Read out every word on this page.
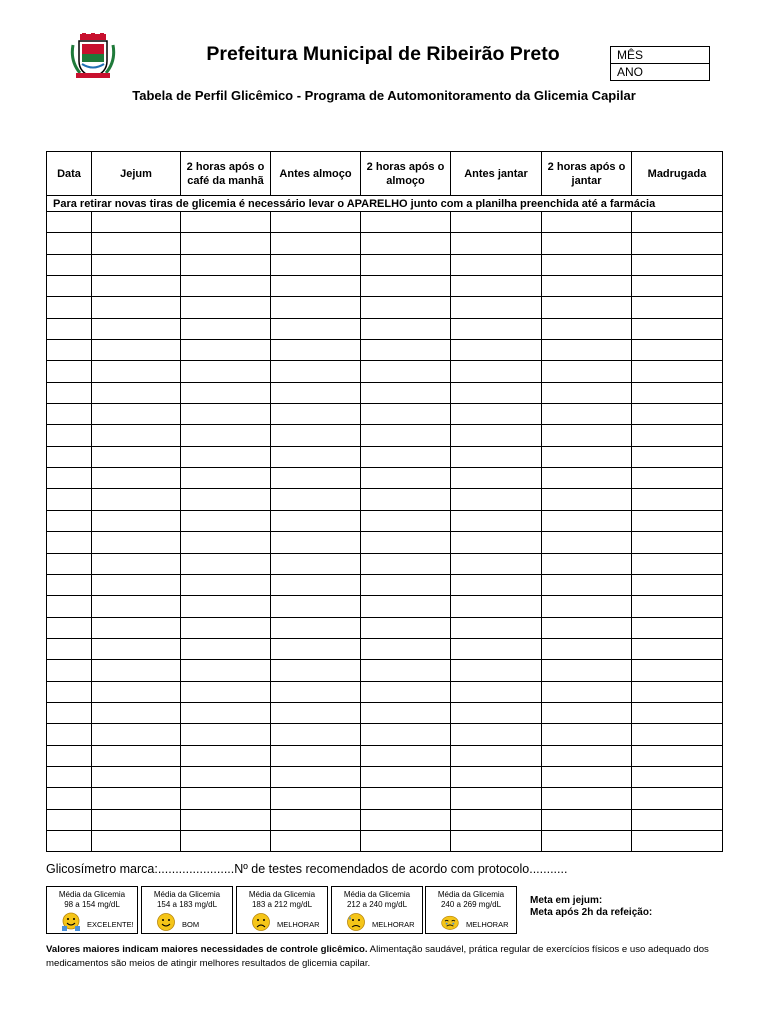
Prefeitura Municipal de Ribeirão Preto	MÊS
ANO
Tabela de Perfil Glicêmico - Programa de Automonitoramento da Glicemia Capilar
Para retirar novas tiras de glicemia é necessário levar o APARELHO junto com a planilha preenchida até a farmácia							
Data	Jejum	2 horas após o café da manhã	Antes almoço	2 horas após o almoço	Antes jantar	2 horas após o jantar	Madrugada

Glicosímetro marca:......................Nº de testes recomendados de acordo com protocolo...........
Média da Glicemia
98 a 154 mg/dL
EXCELENTE!
Média da Glicemia
154 a 183 mg/dL
BOM
Média da Glicemia
183 a 212 mg/dL
MELHORAR
Média da Glicemia
212 a 240 mg/dL
MELHORAR
Média da Glicemia
240 a 269 mg/dL
MELHORAR
Meta em jejum:
Meta após 2h da refeição:
Valores maiores indicam maiores necessidades de controle glicêmico. Alimentação saudável, prática regular de exercícios físicos e uso adequado dos medicamentos são meios de atingir melhores resultados de glicemia capilar.
